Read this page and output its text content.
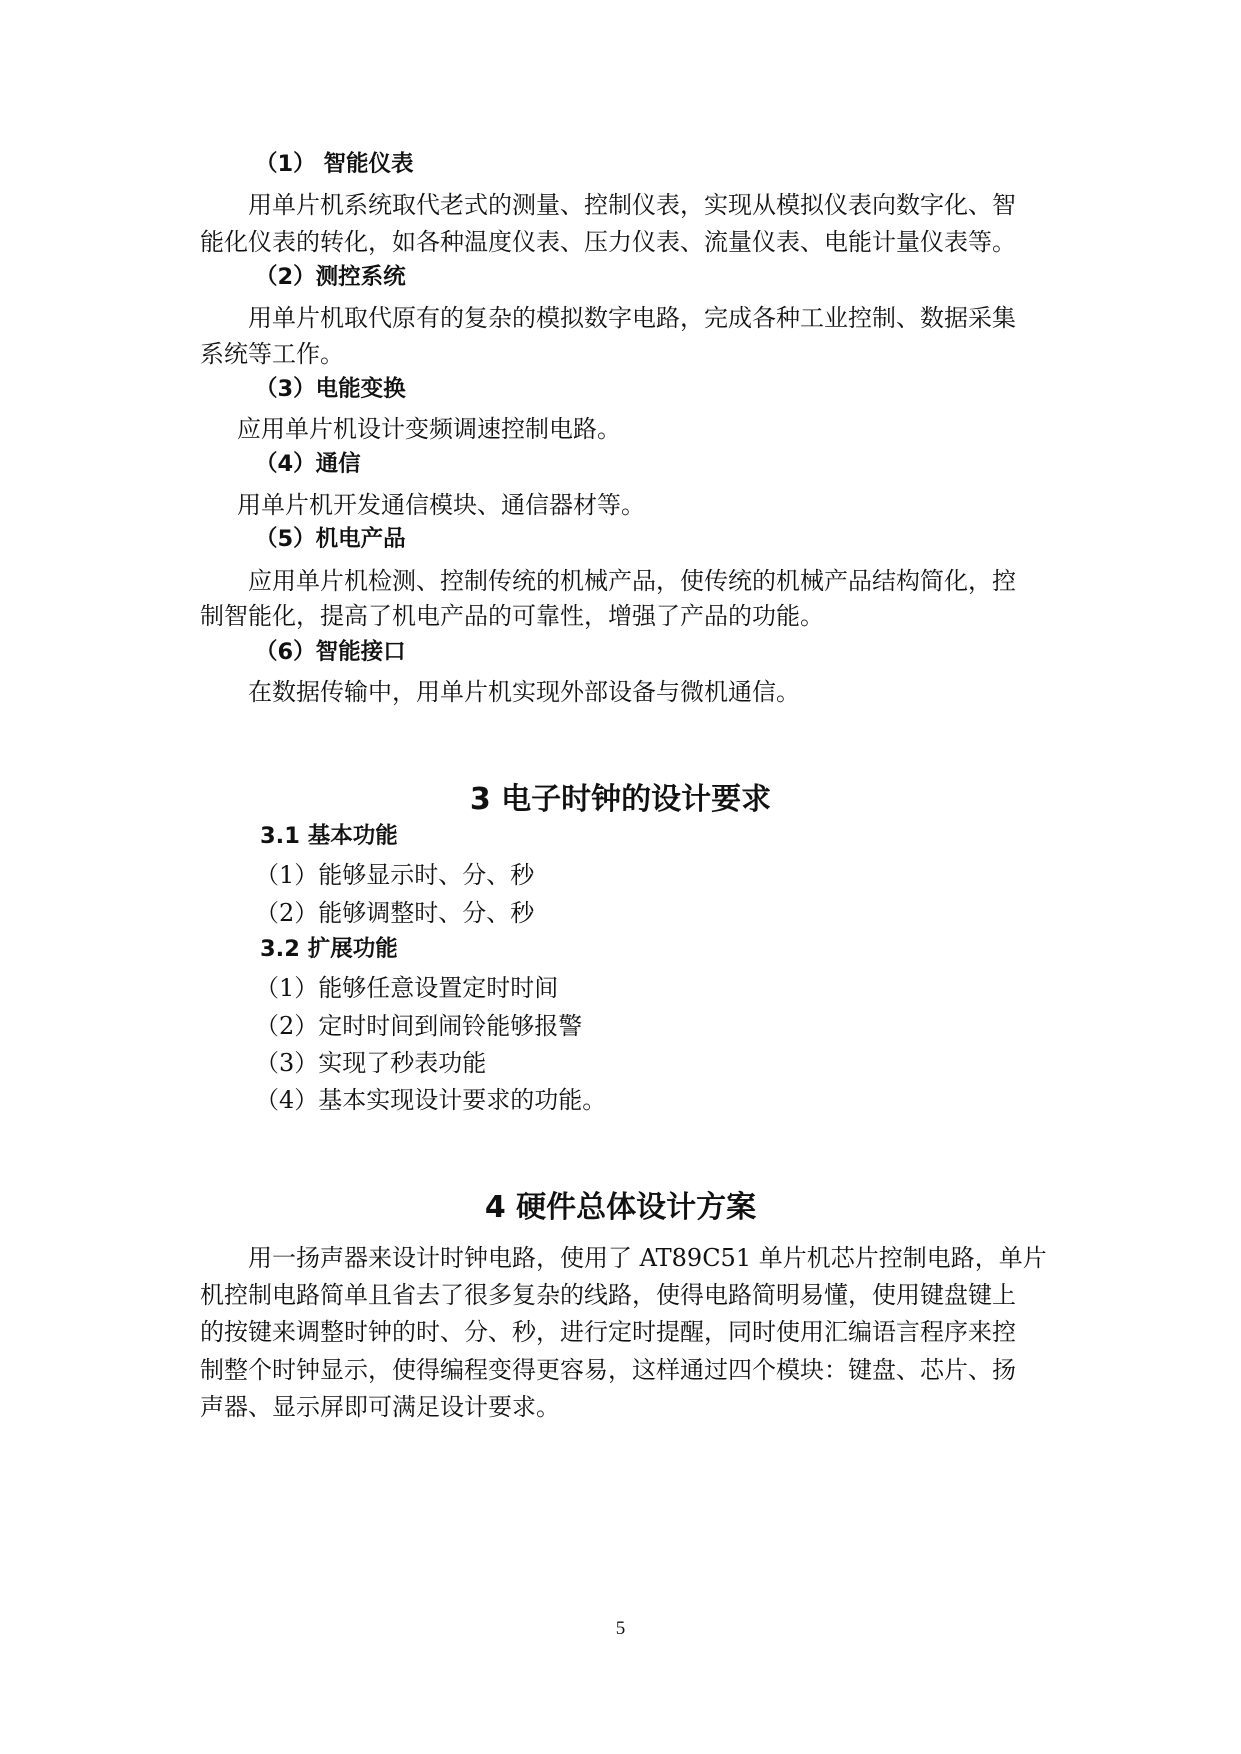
（1） 智能仪表
用单片机系统取代老式的测量、控制仪表，实现从模拟仪表向数字化、智
能化仪表的转化，如各种温度仪表、压力仪表、流量仪表、电能计量仪表等。
（2）测控系统
用单片机取代原有的复杂的模拟数字电路，完成各种工业控制、数据采集
系统等工作。
（3）电能变换
应用单片机设计变频调速控制电路。
（4）通信
用单片机开发通信模块、通信器材等。
（5）机电产品
应用单片机检测、控制传统的机械产品，使传统的机械产品结构简化，控
制智能化，提高了机电产品的可靠性，增强了产品的功能。
（6）智能接口
在数据传输中，用单片机实现外部设备与微机通信。
3 电子时钟的设计要求
3.1 基本功能
（1）能够显示时、分、秒
（2）能够调整时、分、秒
3.2 扩展功能
（1）能够任意设置定时时间
（2）定时时间到闹铃能够报警
（3）实现了秒表功能
（4）基本实现设计要求的功能。
4 硬件总体设计方案
用一扬声器来设计时钟电路，使用了 AT89C51 单片机芯片控制电路，单片
机控制电路简单且省去了很多复杂的线路，使得电路简明易懂，使用键盘键上
的按键来调整时钟的时、分、秒，进行定时提醒，同时使用汇编语言程序来控
制整个时钟显示，使得编程变得更容易，这样通过四个模块：键盘、芯片、扬
声器、显示屏即可满足设计要求。
5
